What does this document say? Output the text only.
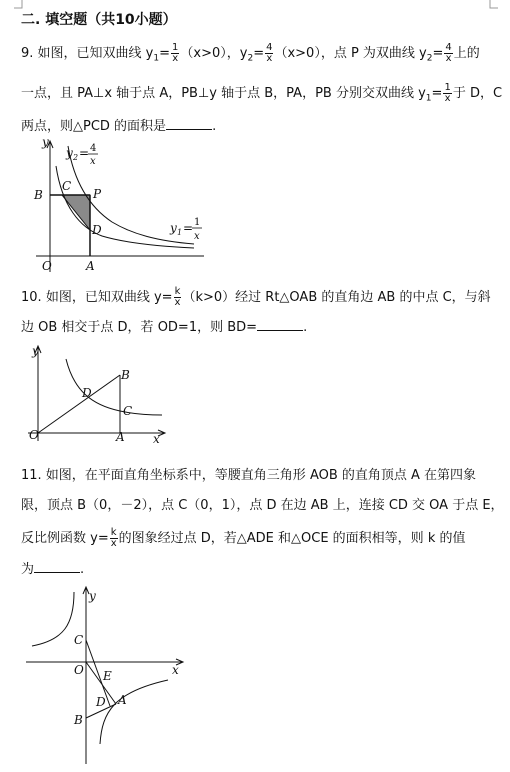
二. 填空题（共10小题）
9. 如图，已知双曲线 $y_1= \frac{1}{x} (x>0)$，$y_2= \frac{4}{x} (x>0)$，点 P 为双曲线 $y_2= \frac{4}{x}$ 上的
一点，且 PA⊥x 轴于点 A，PB⊥y 轴于点 B，PA，PB 分别交双曲线 $y_1= \frac{1}{x}$ 于 D，C
两点，则△PCD 的面积是	.
y
B
C
P
D
O	A
y 2 = 4
x
y 1 = 1
x
10. 如图，已知双曲线 $y= \frac{k}{x} (k>0)$经过 Rt△OAB 的直角边 AB 的中点 C，与斜
边 OB 相交于点 D，若 OD=1，则 BD=	.
y
O	A
B
C
D
x
11. 如图，在平面直角坐标系中，等腰直角三角形 AOB 的直角顶点 A 在第四象
限，顶点 B（0，－2），点 C（0，1），点 D 在边 AB 上，连接 CD 交 OA 于点 E，
反比例函数 $y= \frac{k}{x}$ 的图象经过点 D，若△ADE 和△OCE 的面积相等，则 k 的值
为	.
y
x
O
C
E
D A
B
